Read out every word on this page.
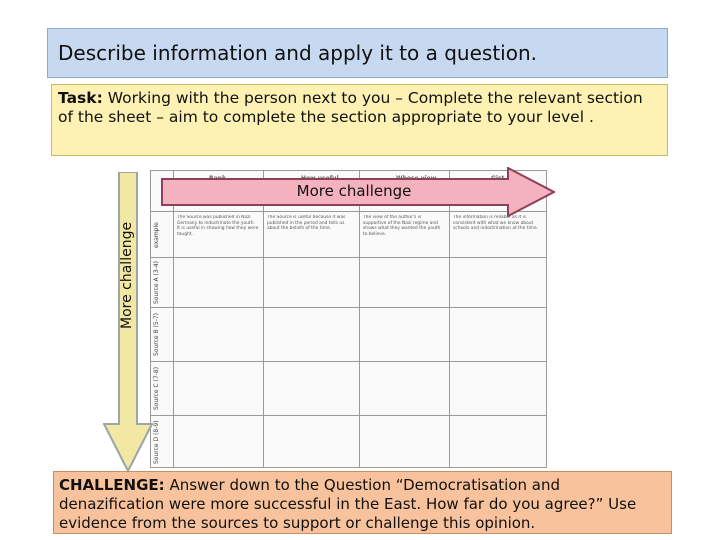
Describe information and apply it to a question.
Task: Working with the person next to you – Complete the relevant section of the sheet – aim to complete the section appropriate to your level .
example
Source A (3-4)
Source B (5-7)
Source C (7-8)
Source D (8-9)
The Source was published in Nazi Germany to indoctrinate the youth. It is useful in showing how they were taught.
The Source is useful because it was published in the period and tells us about the beliefs of the time.
The view of the author's is supportive of the Nazi regime and shows what they wanted the youth to believe.
The information is reliable as it is consistent with what we know about schools and indoctrination at the time.
More challenge
More challenge
CHALLENGE: Answer down to the Question “Democratisation and denazification were more successful in the East. How far do you agree?” Use evidence from the sources to support or challenge this opinion.
